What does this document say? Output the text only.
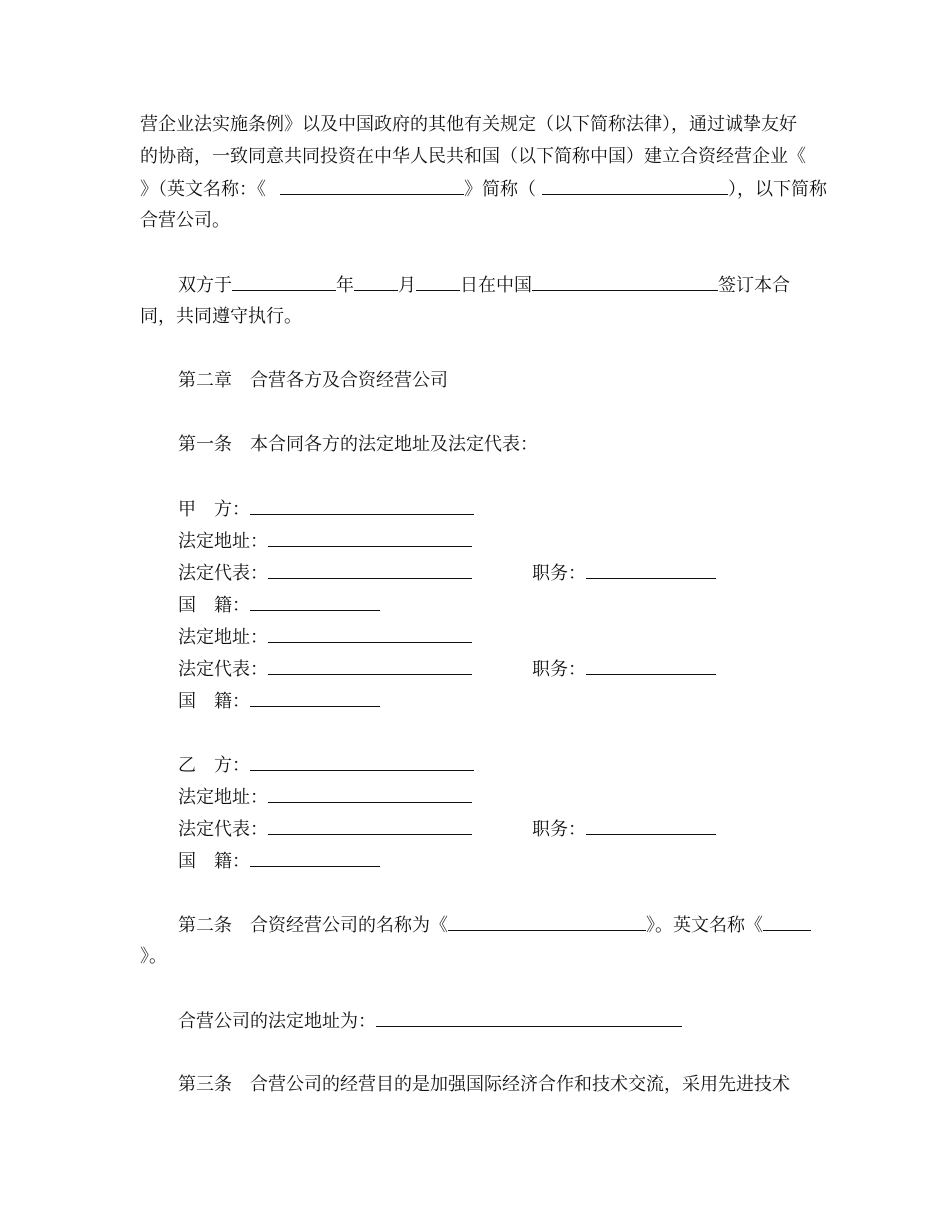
营企业法实施条例》以及中国政府的其他有关规定（以下简称法律），通过诚挚友好
的协商，一致同意共同投资在中华人民共和国（以下简称中国）建立合资经营企业《
》（英文名称：《	》简称（	），以下简称
合营公司。
双方于	年 月 日在中国	签订本合
同，共同遵守执行。
第二章　合营各方及合资经营公司
第一条　本合同各方的法定地址及法定代表：
甲　方：
法定地址：
法定代表：	职务：
国　籍：
法定地址：
法定代表：	职务：
国　籍：
乙　方：
法定地址：
法定代表：	职务：
国　籍：
第二条　合资经营公司的名称为《	》。英文名称《
》。
合营公司的法定地址为：
第三条　合营公司的经营目的是加强国际经济合作和技术交流，采用先进技术
